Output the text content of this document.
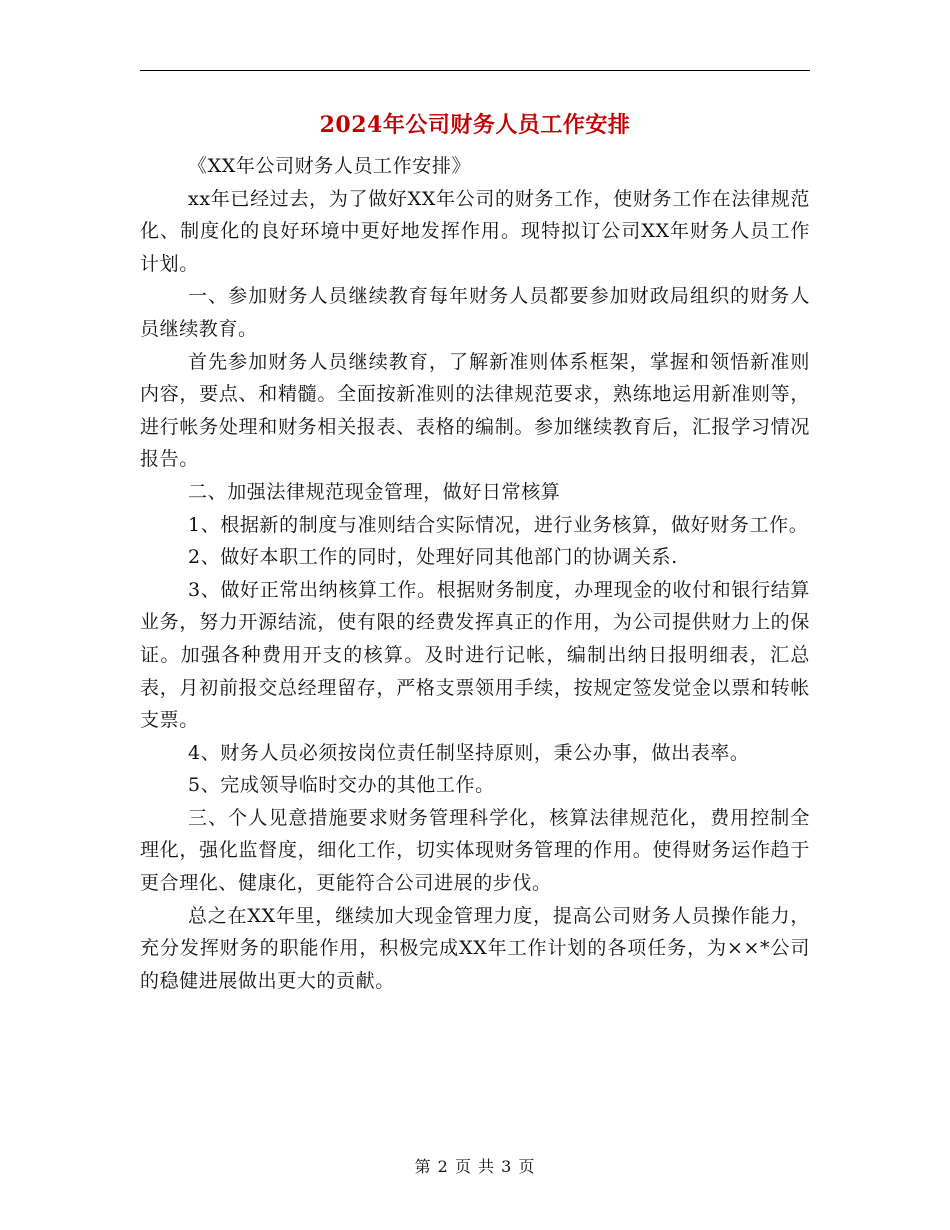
2024年公司财务人员工作安排

《XX年公司财务人员工作安排》

xx年已经过去，为了做好XX年公司的财务工作，使财务工作在法律规范化、制度化的良好环境中更好地发挥作用。现特拟订公司XX年财务人员工作计划。

一、参加财务人员继续教育每年财务人员都要参加财政局组织的财务人员继续教育。

首先参加财务人员继续教育，了解新准则体系框架，掌握和领悟新准则内容，要点、和精髓。全面按新准则的法律规范要求，熟练地运用新准则等，进行帐务处理和财务相关报表、表格的编制。参加继续教育后，汇报学习情况报告。

二、加强法律规范现金管理，做好日常核算

1、根据新的制度与准则结合实际情况，进行业务核算，做好财务工作。

2、做好本职工作的同时，处理好同其他部门的协调关系.

3、做好正常出纳核算工作。根据财务制度，办理现金的收付和银行结算业务，努力开源结流，使有限的经费发挥真正的作用，为公司提供财力上的保证。加强各种费用开支的核算。及时进行记帐，编制出纳日报明细表，汇总表，月初前报交总经理留存，严格支票领用手续，按规定签发觉金以票和转帐支票。

4、财务人员必须按岗位责任制坚持原则，秉公办事，做出表率。

5、完成领导临时交办的其他工作。

三、个人见意措施要求财务管理科学化，核算法律规范化，费用控制全理化，强化监督度，细化工作，切实体现财务管理的作用。使得财务运作趋于更合理化、健康化，更能符合公司进展的步伐。

总之在XX年里，继续加大现金管理力度，提高公司财务人员操作能力，充分发挥财务的职能作用，积极完成XX年工作计划的各项任务，为××*公司的稳健进展做出更大的贡献。

第 2 页 共 3 页
